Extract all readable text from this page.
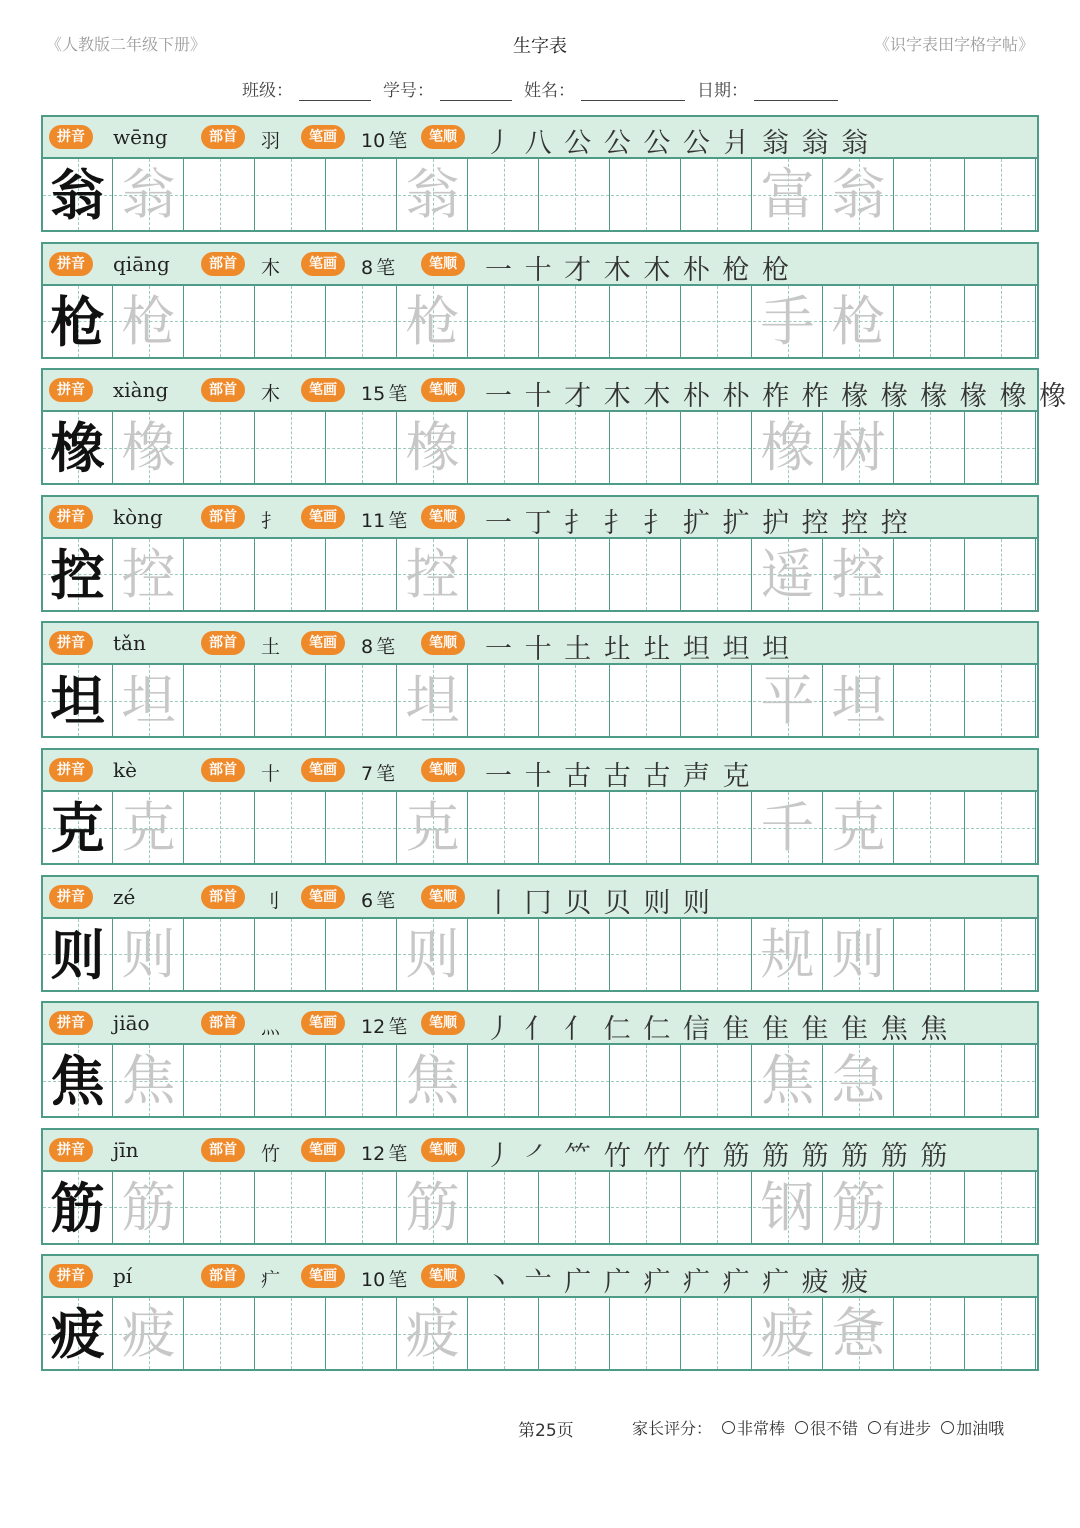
《人教版二年级下册》	生字表	《识字表田字格字帖》
班级：	学号：	姓名：	日期：
拼音	wēng	部首	羽	笔画	10 笔	笔顺 丿 八 公 公 公 公 爿 翁 翁 翁
翁 翁	翁	富 翁
拼音	qiāng	部首	木	笔画	8 笔	笔顺 一 十 才 木 木 朴 枪 枪
枪 枪	枪	手 枪
拼音	xiàng	部首	木	笔画	15 笔	笔顺 一 十 才 木 木 朴 朴 柞 柞 椽 椽 椽 椽 橡 橡
橡 橡	橡	橡 树
拼音	kòng	部首	扌	笔画	11 笔	笔顺 一 丁 扌 扌 扌 扩 扩 护 控 控 控
控 控	控	遥 控
拼音	tǎn	部首	土	笔画	8 笔	笔顺 一 十 土 圵 圵 坦 坦 坦
坦 坦	坦	平 坦
拼音	kè	部首	十	笔画	7 笔	笔顺 一 十 古 古 古 声 克
克 克	克	千 克
拼音	zé	部首	刂	笔画	6 笔	笔顺 丨 冂 贝 贝 则 则
则 则	则	规 则
拼音	jiāo	部首	灬	笔画	12 笔	笔顺 丿 亻 亻 仁 仁 信 隹 隹 隹 隹 焦 焦
焦 焦	焦	焦 急
拼音	jīn	部首	竹	笔画	12 笔	笔顺 丿 ㇒ ⺮ 竹 竹 竹 筋 筋 筋 筋 筋 筋
筋 筋	筋	钢 筋
拼音	pí	部首	疒	笔画	10 笔	笔顺 丶 亠 广 广 疒 疒 疒 疒 疲 疲
疲 疲	疲	疲 惫
第25页	家长评分： 非常棒 很不错 有进步 加油哦
